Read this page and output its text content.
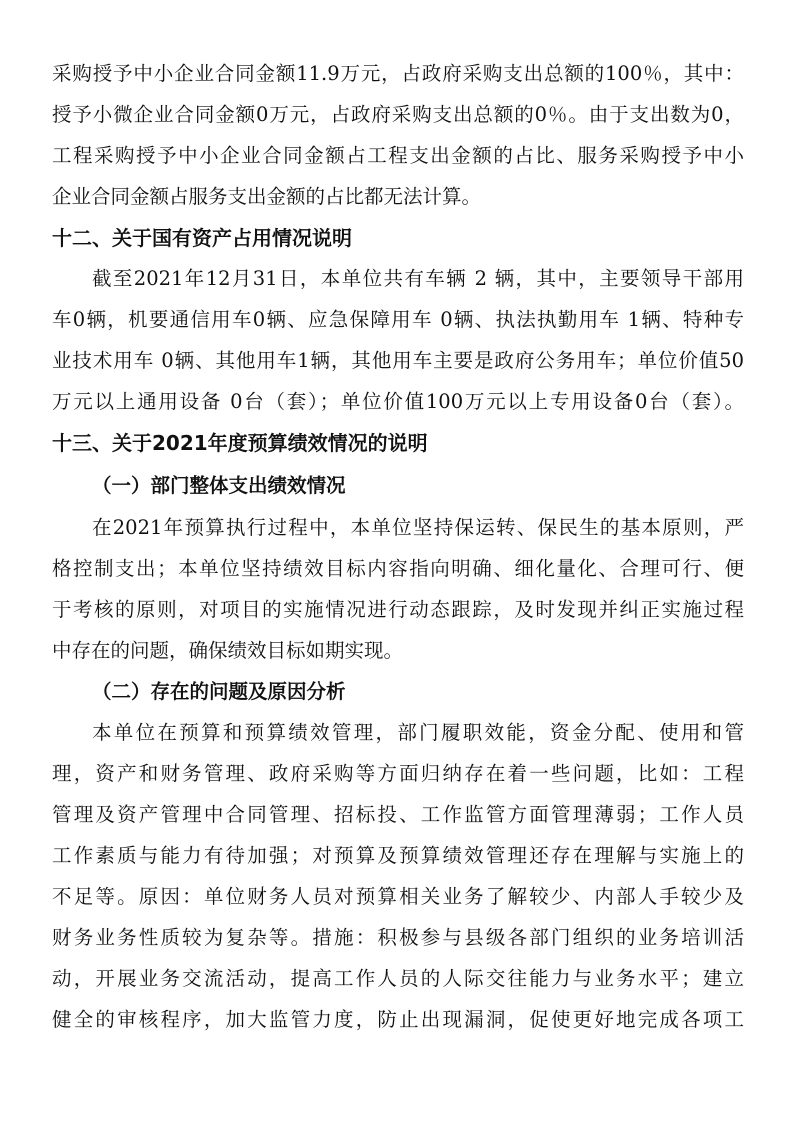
采购授予中小企业合同金额11.9万元，占政府采购支出总额的100％，其中：
授予小微企业合同金额0万元，占政府采购支出总额的0％。由于支出数为0，
工程采购授予中小企业合同金额占工程支出金额的占比、服务采购授予中小
企业合同金额占服务支出金额的占比都无法计算。
十二、关于国有资产占用情况说明
截至2021年12月31日，本单位共有车辆 2 辆，其中，主要领导干部用
车0辆，机要通信用车0辆、应急保障用车 0辆、执法执勤用车 1辆、特种专
业技术用车 0辆、其他用车1辆，其他用车主要是政府公务用车；单位价值50
万元以上通用设备 0台（套）；单位价值100万元以上专用设备0台（套）。
十三、关于2021年度预算绩效情况的说明
（一）部门整体支出绩效情况
在2021年预算执行过程中，本单位坚持保运转、保民生的基本原则，严
格控制支出；本单位坚持绩效目标内容指向明确、细化量化、合理可行、便
于考核的原则，对项目的实施情况进行动态跟踪，及时发现并纠正实施过程
中存在的问题，确保绩效目标如期实现。
（二）存在的问题及原因分析
本单位在预算和预算绩效管理，部门履职效能，资金分配、使用和管
理，资产和财务管理、政府采购等方面归纳存在着一些问题，比如：工程
管理及资产管理中合同管理、招标投、工作监管方面管理薄弱；工作人员
工作素质与能力有待加强；对预算及预算绩效管理还存在理解与实施上的
不足等。原因：单位财务人员对预算相关业务了解较少、内部人手较少及
财务业务性质较为复杂等。措施：积极参与县级各部门组织的业务培训活
动，开展业务交流活动，提高工作人员的人际交往能力与业务水平；建立
健全的审核程序，加大监管力度，防止出现漏洞，促使更好地完成各项工
